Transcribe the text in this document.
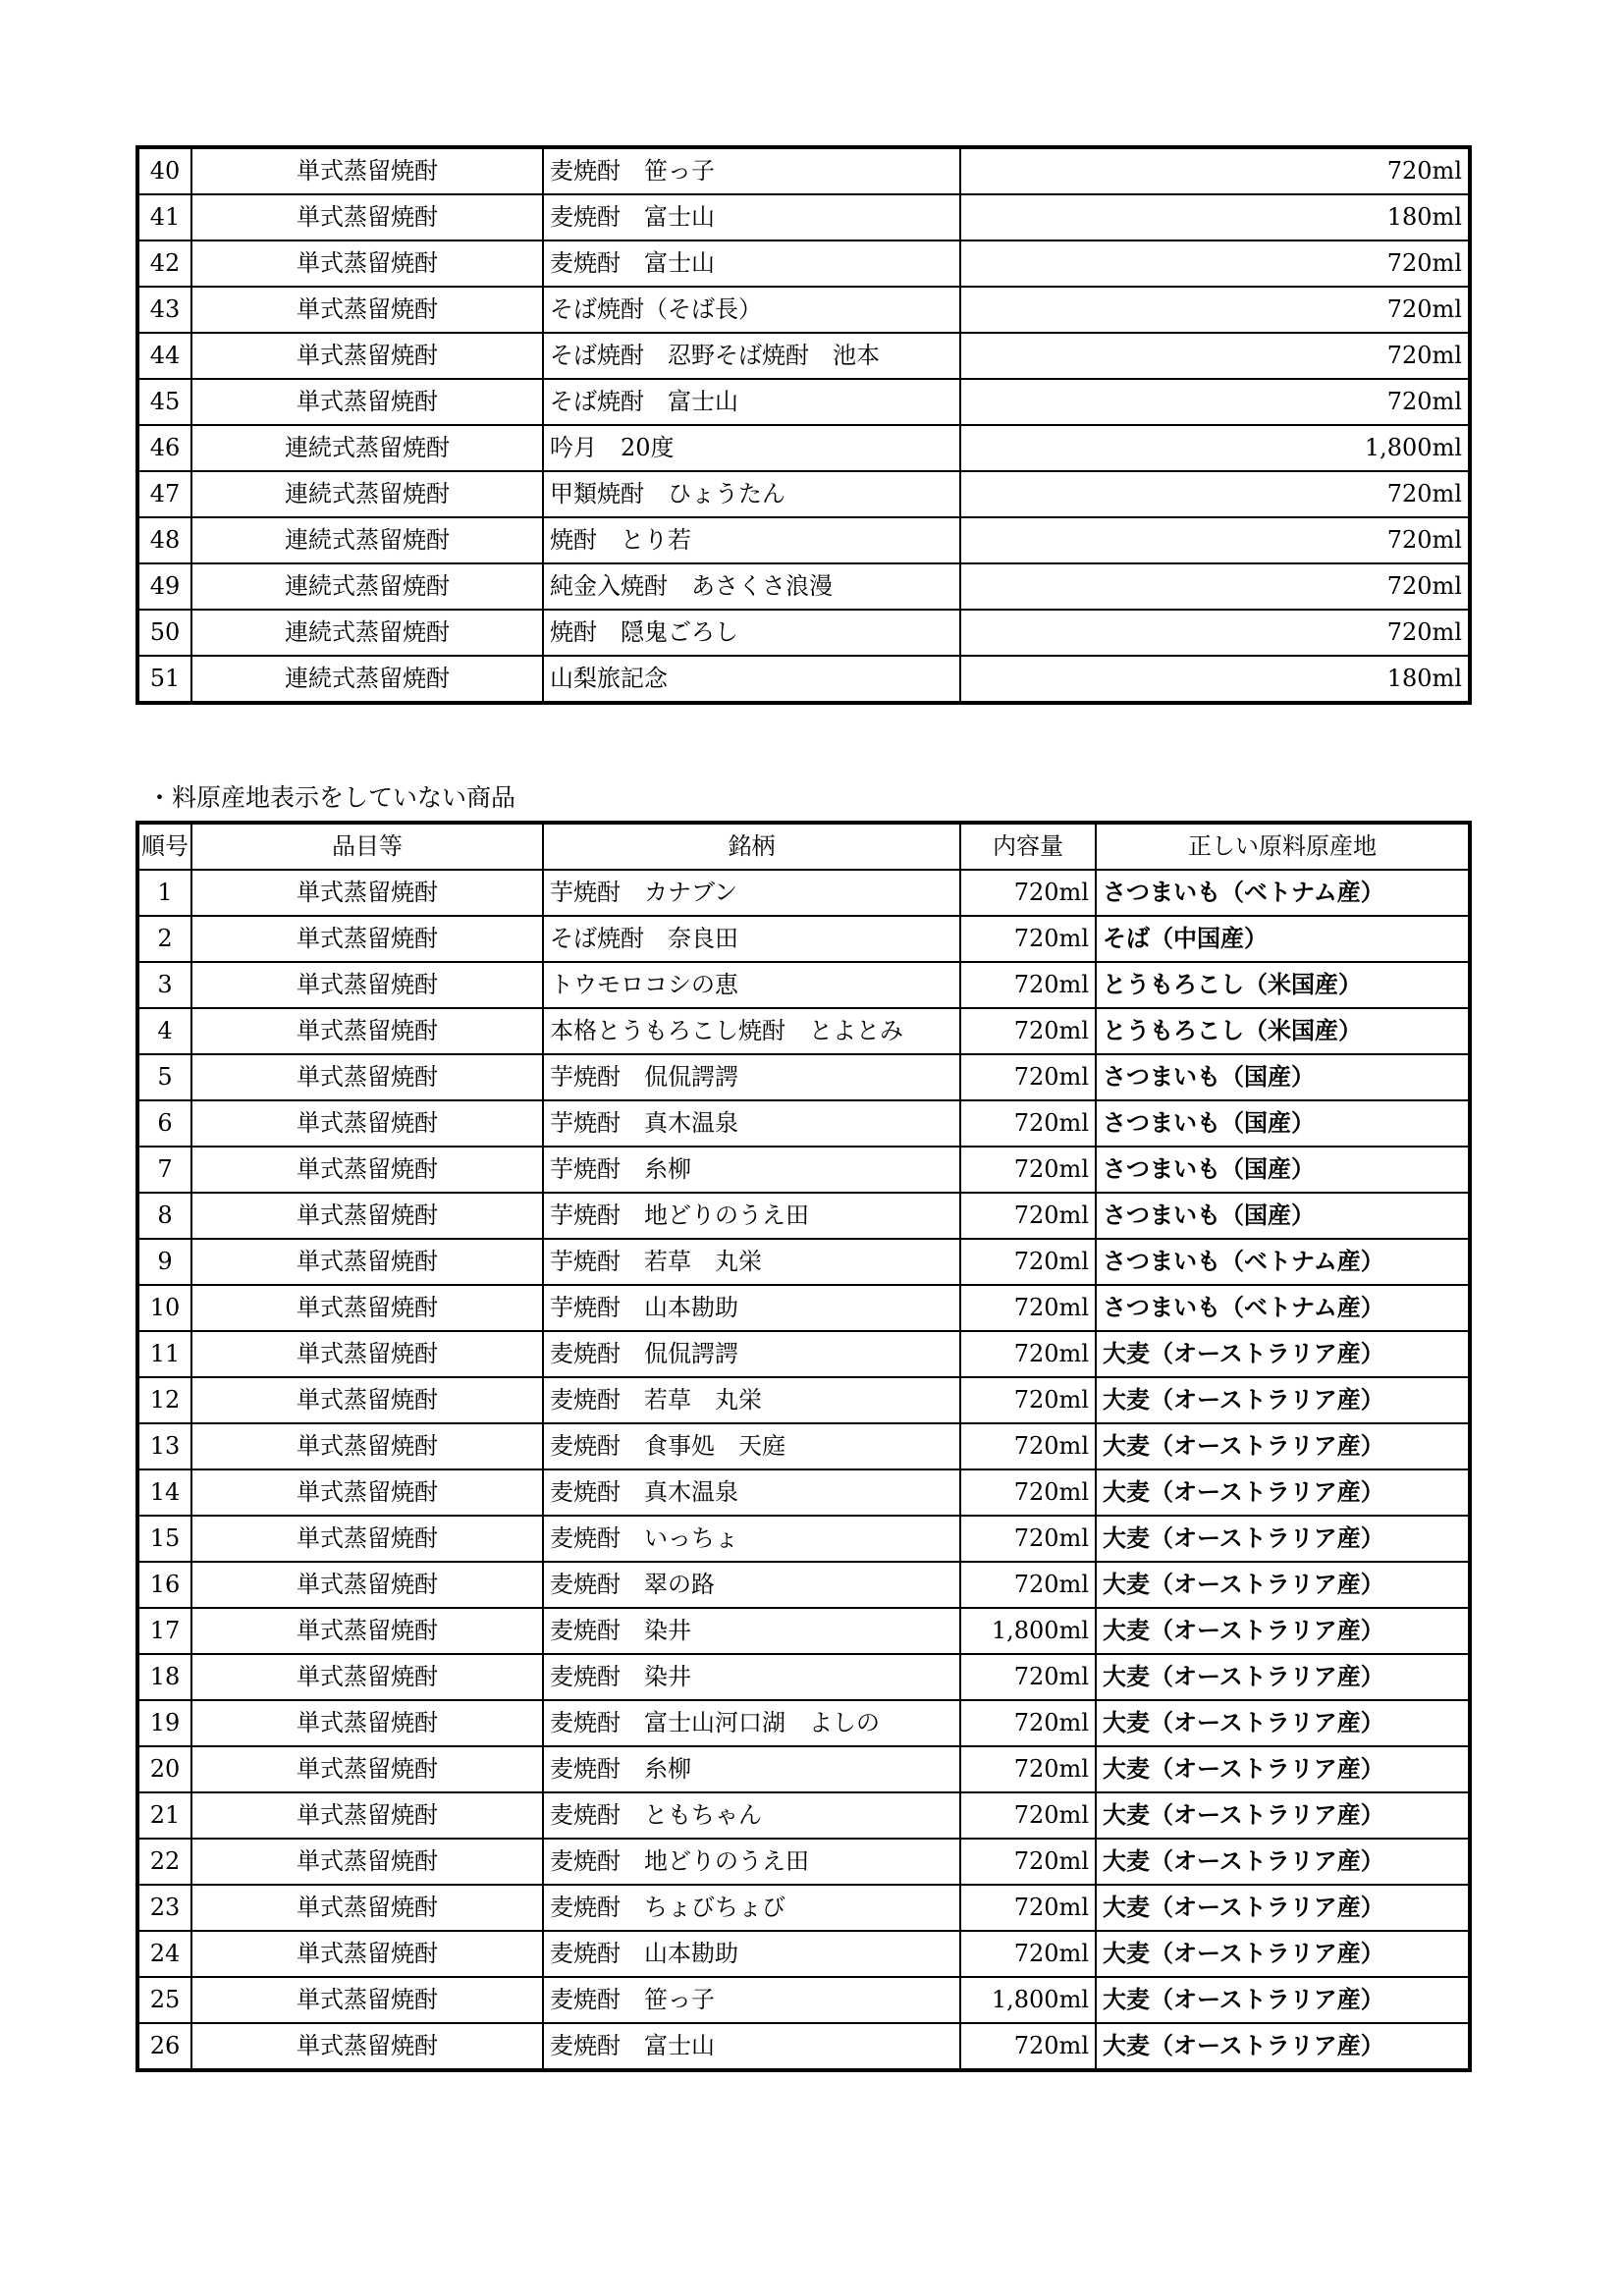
40	単式蒸留焼酎	麦焼酎　笹っ子	720ml
41	単式蒸留焼酎	麦焼酎　富士山	180ml
42	単式蒸留焼酎	麦焼酎　富士山	720ml
43	単式蒸留焼酎	そば焼酎（そば長）	720ml
44	単式蒸留焼酎	そば焼酎　忍野そば焼酎　池本	720ml
45	単式蒸留焼酎	そば焼酎　富士山	720ml
46	連続式蒸留焼酎	吟月　20度	1,800ml
47	連続式蒸留焼酎	甲類焼酎　ひょうたん	720ml
48	連続式蒸留焼酎	焼酎　とり若	720ml
49	連続式蒸留焼酎	純金入焼酎　あさくさ浪漫	720ml
50	連続式蒸留焼酎	焼酎　隠鬼ごろし	720ml
51	連続式蒸留焼酎	山梨旅記念	180ml
・料原産地表示をしていない商品
順号	品目等	銘柄	内容量	正しい原料原産地
1	単式蒸留焼酎	芋焼酎　カナブン	720ml	さつまいも（ベトナム産）
2	単式蒸留焼酎	そば焼酎　奈良田	720ml	そば（中国産）
3	単式蒸留焼酎	トウモロコシの恵	720ml	とうもろこし（米国産）
4	単式蒸留焼酎	本格とうもろこし焼酎　とよとみ	720ml	とうもろこし（米国産）
5	単式蒸留焼酎	芋焼酎　侃侃諤諤	720ml	さつまいも（国産）
6	単式蒸留焼酎	芋焼酎　真木温泉	720ml	さつまいも（国産）
7	単式蒸留焼酎	芋焼酎　糸柳	720ml	さつまいも（国産）
8	単式蒸留焼酎	芋焼酎　地どりのうえ田	720ml	さつまいも（国産）
9	単式蒸留焼酎	芋焼酎　若草　丸栄	720ml	さつまいも（ベトナム産）
10	単式蒸留焼酎	芋焼酎　山本勘助	720ml	さつまいも（ベトナム産）
11	単式蒸留焼酎	麦焼酎　侃侃諤諤	720ml	大麦（オーストラリア産）
12	単式蒸留焼酎	麦焼酎　若草　丸栄	720ml	大麦（オーストラリア産）
13	単式蒸留焼酎	麦焼酎　食事処　天庭	720ml	大麦（オーストラリア産）
14	単式蒸留焼酎	麦焼酎　真木温泉	720ml	大麦（オーストラリア産）
15	単式蒸留焼酎	麦焼酎　いっちょ	720ml	大麦（オーストラリア産）
16	単式蒸留焼酎	麦焼酎　翠の路	720ml	大麦（オーストラリア産）
17	単式蒸留焼酎	麦焼酎　染井	1,800ml	大麦（オーストラリア産）
18	単式蒸留焼酎	麦焼酎　染井	720ml	大麦（オーストラリア産）
19	単式蒸留焼酎	麦焼酎　富士山河口湖　よしの	720ml	大麦（オーストラリア産）
20	単式蒸留焼酎	麦焼酎　糸柳	720ml	大麦（オーストラリア産）
21	単式蒸留焼酎	麦焼酎　ともちゃん	720ml	大麦（オーストラリア産）
22	単式蒸留焼酎	麦焼酎　地どりのうえ田	720ml	大麦（オーストラリア産）
23	単式蒸留焼酎	麦焼酎　ちょびちょび	720ml	大麦（オーストラリア産）
24	単式蒸留焼酎	麦焼酎　山本勘助	720ml	大麦（オーストラリア産）
25	単式蒸留焼酎	麦焼酎　笹っ子	1,800ml	大麦（オーストラリア産）
26	単式蒸留焼酎	麦焼酎　富士山	720ml	大麦（オーストラリア産）
